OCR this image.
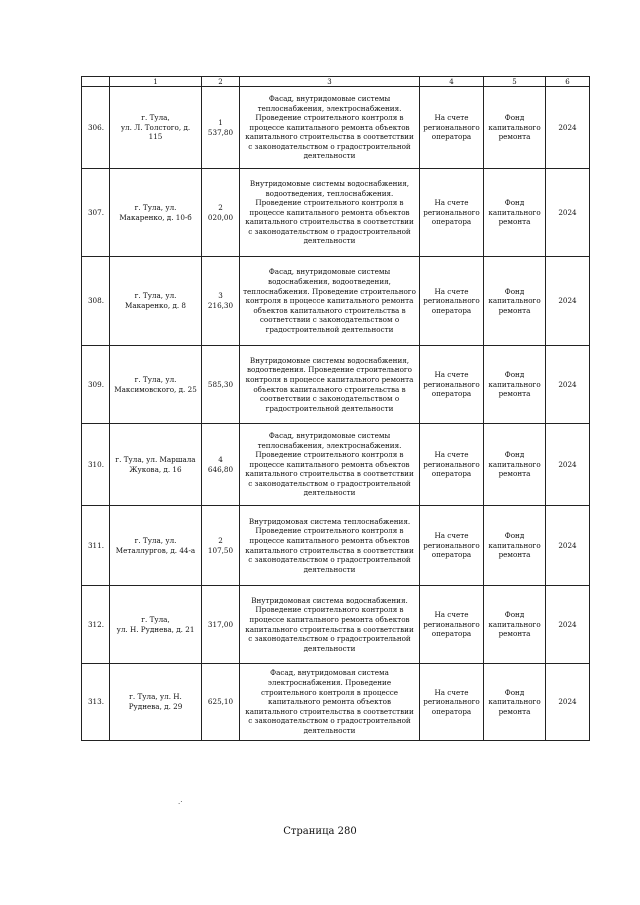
	1	2	3	4	5	6
306.	г. Тула,
ул. Л. Толстого, д. 115	1 537,80	Фасад, внутридомовые системы теплоснабжения, электроснабжения. Проведение строительного контроля в процессе капитального ремонта объектов капитального строительства в соответствии с законодательством о градостроительной деятельности	На счете регионального оператора	Фонд капитального ремонта	2024
307.	г. Тула, ул. Макаренко, д. 10-б	2 020,00	Внутридомовые системы водоснабжения, водоотведения, теплоснабжения. Проведение строительного контроля в процессе капитального ремонта объектов капитального строительства в соответствии с законодательством о градостроительной деятельности	На счете регионального оператора	Фонд капитального ремонта	2024
308.	г. Тула, ул. Макаренко, д. 8	3 216,30	Фасад, внутридомовые системы водоснабжения, водоотведения, теплоснабжения. Проведение строительного контроля в процессе капитального ремонта объектов капитального строительства в соответствии с законодательством о градостроительной деятельности	На счете регионального оператора	Фонд капитального ремонта	2024
309.	г. Тула, ул. Максимовского, д. 25	585,30	Внутридомовые системы водоснабжения, водоотведения. Проведение строительного контроля в процессе капитального ремонта объектов капитального строительства в соответствии с законодательством о градостроительной деятельности	На счете регионального оператора	Фонд капитального ремонта	2024
310.	г. Тула, ул. Маршала Жукова, д. 16	4 646,80	Фасад, внутридомовые системы теплоснабжения, электроснабжения. Проведение строительного контроля в процессе капитального ремонта объектов капитального строительства в соответствии с законодательством о градостроительной деятельности	На счете регионального оператора	Фонд капитального ремонта	2024
311.	г. Тула, ул. Металлургов, д. 44-а	2 107,50	Внутридомовая система теплоснабжения. Проведение строительного контроля в процессе капитального ремонта объектов капитального строительства в соответствии с законодательством о градостроительной деятельности	На счете регионального оператора	Фонд капитального ремонта	2024
312.	г. Тула,
ул. Н. Руднева, д. 21	317,00	Внутридомовая система водоснабжения. Проведение строительного контроля в процессе капитального ремонта объектов капитального строительства в соответствии с законодательством о градостроительной деятельности	На счете регионального оператора	Фонд капитального ремонта	2024
313.	г. Тула, ул. Н. Руднева, д. 29	625,10	Фасад, внутридомовая система электроснабжения. Проведение строительного контроля в процессе капитального ремонта объектов капитального строительства в соответствии с законодательством о градостроительной деятельности	На счете регионального оператора	Фонд капитального ремонта	2024
.·
Страница 280
